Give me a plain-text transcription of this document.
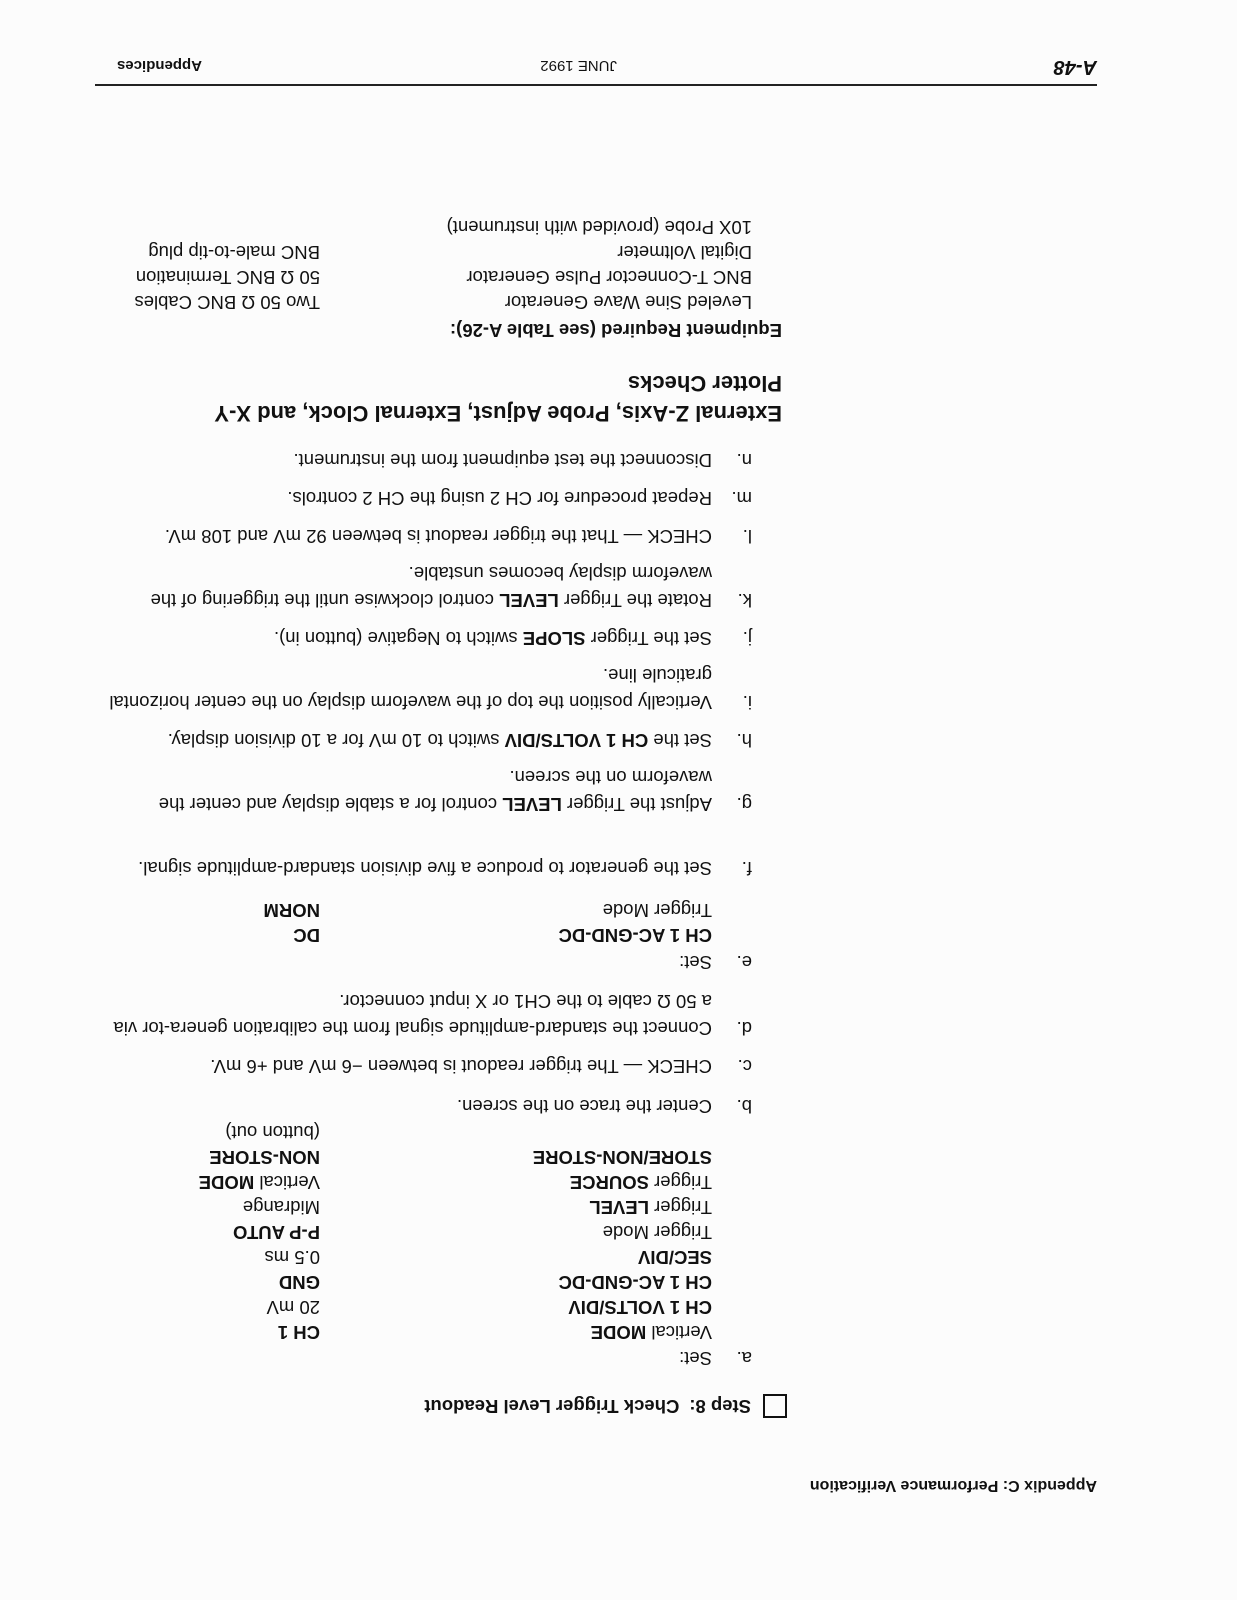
Appendix C: Performance Verification
Step 8:
Check Trigger Level Readout
a.
Set:
Vertical MODE
CH 1
CH 1 VOLTS/DIV
20 mV
CH 1 AC-GND-DC
GND
SEC/DIV
0.5 ms
Trigger Mode
P-P AUTO
Trigger LEVEL
Midrange
Trigger SOURCE
Vertical MODE
STORE/NON-STORE
NON-STORE
(button out)
b.
Center the trace on the screen.
c.
CHECK — The trigger readout is between −6 mV and +6 mV.
d.
Connect the standard-amplitude signal from the calibration genera-tor via a 50 Ω cable to the CH1 or X input connector.
e.
Set:
CH 1 AC-GND-DC
DC
Trigger Mode
NORM
f.
Set the generator to produce a five division standard-amplitude signal.
g.
Adjust the Trigger LEVEL control for a stable display and center the waveform on the screen.
h.
Set the CH 1 VOLTS/DIV switch to 10 mV for a 10 division display.
i.
Vertically position the top of the waveform display on the center horizontal graticule line.
j.
Set the Trigger SLOPE switch to Negative (button in).
k.
Rotate the Trigger LEVEL control clockwise until the triggering of the waveform display becomes unstable.
l.
CHECK — That the trigger readout is between 92 mV and 108 mV.
m.
Repeat procedure for CH 2 using the CH 2 controls.
n.
Disconnect the test equipment from the instrument.
External Z-Axis, Probe Adjust, External Clock, and X-Y
Plotter Checks
Equipment Required (see Table A-26):
Leveled Sine Wave Generator
BNC T-Connector Pulse Generator
Digital Voltmeter
10X Probe (provided with instrument)
Two 50 Ω BNC Cables
50 Ω BNC Termination
BNC male-to-tip plug
A-48
JUNE 1992
Appendices
